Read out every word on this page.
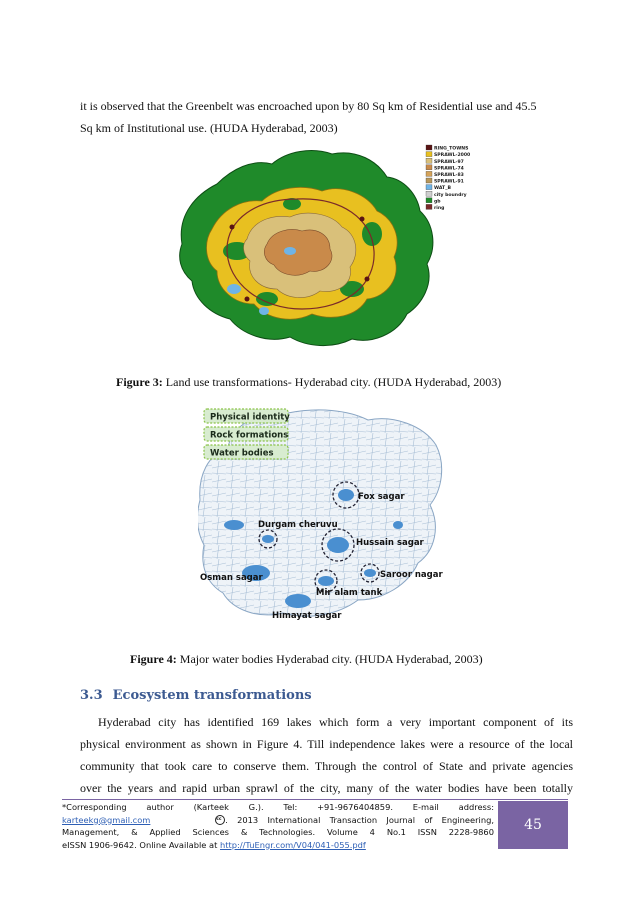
it is observed that the Greenbelt was encroached upon by 80 Sq km of Residential use and 45.5
Sq km of Institutional use. (HUDA Hyderabad, 2003)
RING_TOWNS
SPRAWL-2000
SPRAWL-97
SPRAWL-74
SPRAWL-83
SPRAWL-91
WAT_B
city boundry
gb
ring
Figure 3: Land use transformations- Hyderabad city. (HUDA Hyderabad, 2003)
Physical identity
Rock formations
Water bodies
Fox sagar
Durgam cheruvu
Hussain sagar
Saroor nagar
Osman sagar
Mir alam tank
Himayat sagar
Figure 4: Major water bodies Hyderabad city. (HUDA Hyderabad, 2003)
3.3 Ecosystem transformations
Hyderabad city has identified 169 lakes which form a very important component of its
physical environment as shown in Figure 4. Till independence lakes were a resource of the local
community that took care to conserve them. Through the control of State and private agencies
over the years and rapid urban sprawl of the city, many of the water bodies have been totally
*Corresponding author (Karteek G.). Tel: +91-9676404859. E-mail address:
karteekg@gmail.com	cc . 2013 International Transaction Journal of Engineering,
Management, & Applied Sciences & Technologies. Volume 4 No.1 ISSN 2228-9860
eISSN 1906-9642. Online Available at http://TuEngr.com/V04/041-055.pdf
45
